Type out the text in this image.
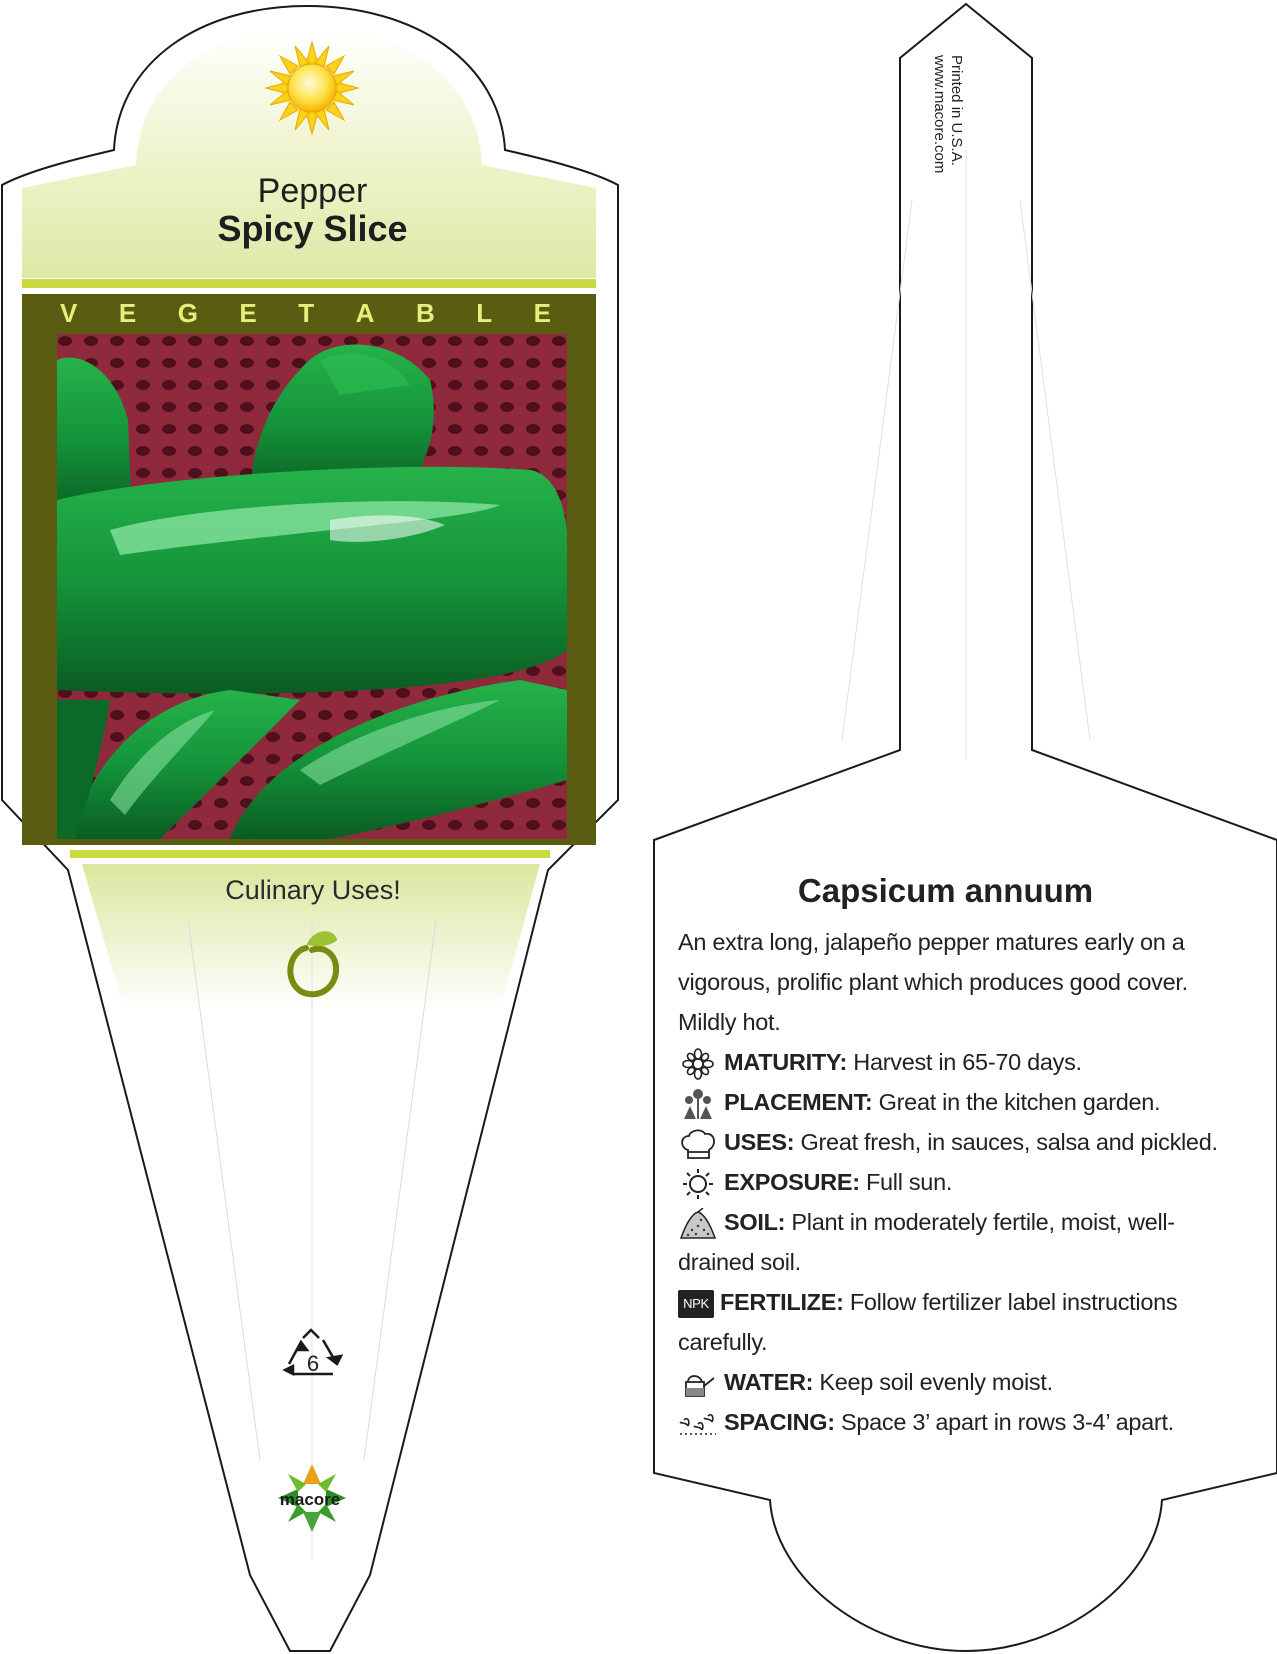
Pepper
Spicy Slice
V E G E T A B L E
Culinary Uses!
6
macore
Printed in U.S.A.
www.macore.com
Capsicum annuum

An extra long, jalapeño pepper matures early on a vigorous, prolific plant which produces good cover. Mildly hot.

MATURITY: Harvest in 65-70 days.
PLACEMENT: Great in the kitchen garden.
USES: Great fresh, in sauces, salsa and pickled.
EXPOSURE: Full sun.
SOIL: Plant in moderately fertile, moist, well-drained soil.
NPK FERTILIZE: Follow fertilizer label instructions carefully.
WATER: Keep soil evenly moist.
SPACING: Space 3’ apart in rows 3-4’ apart.
